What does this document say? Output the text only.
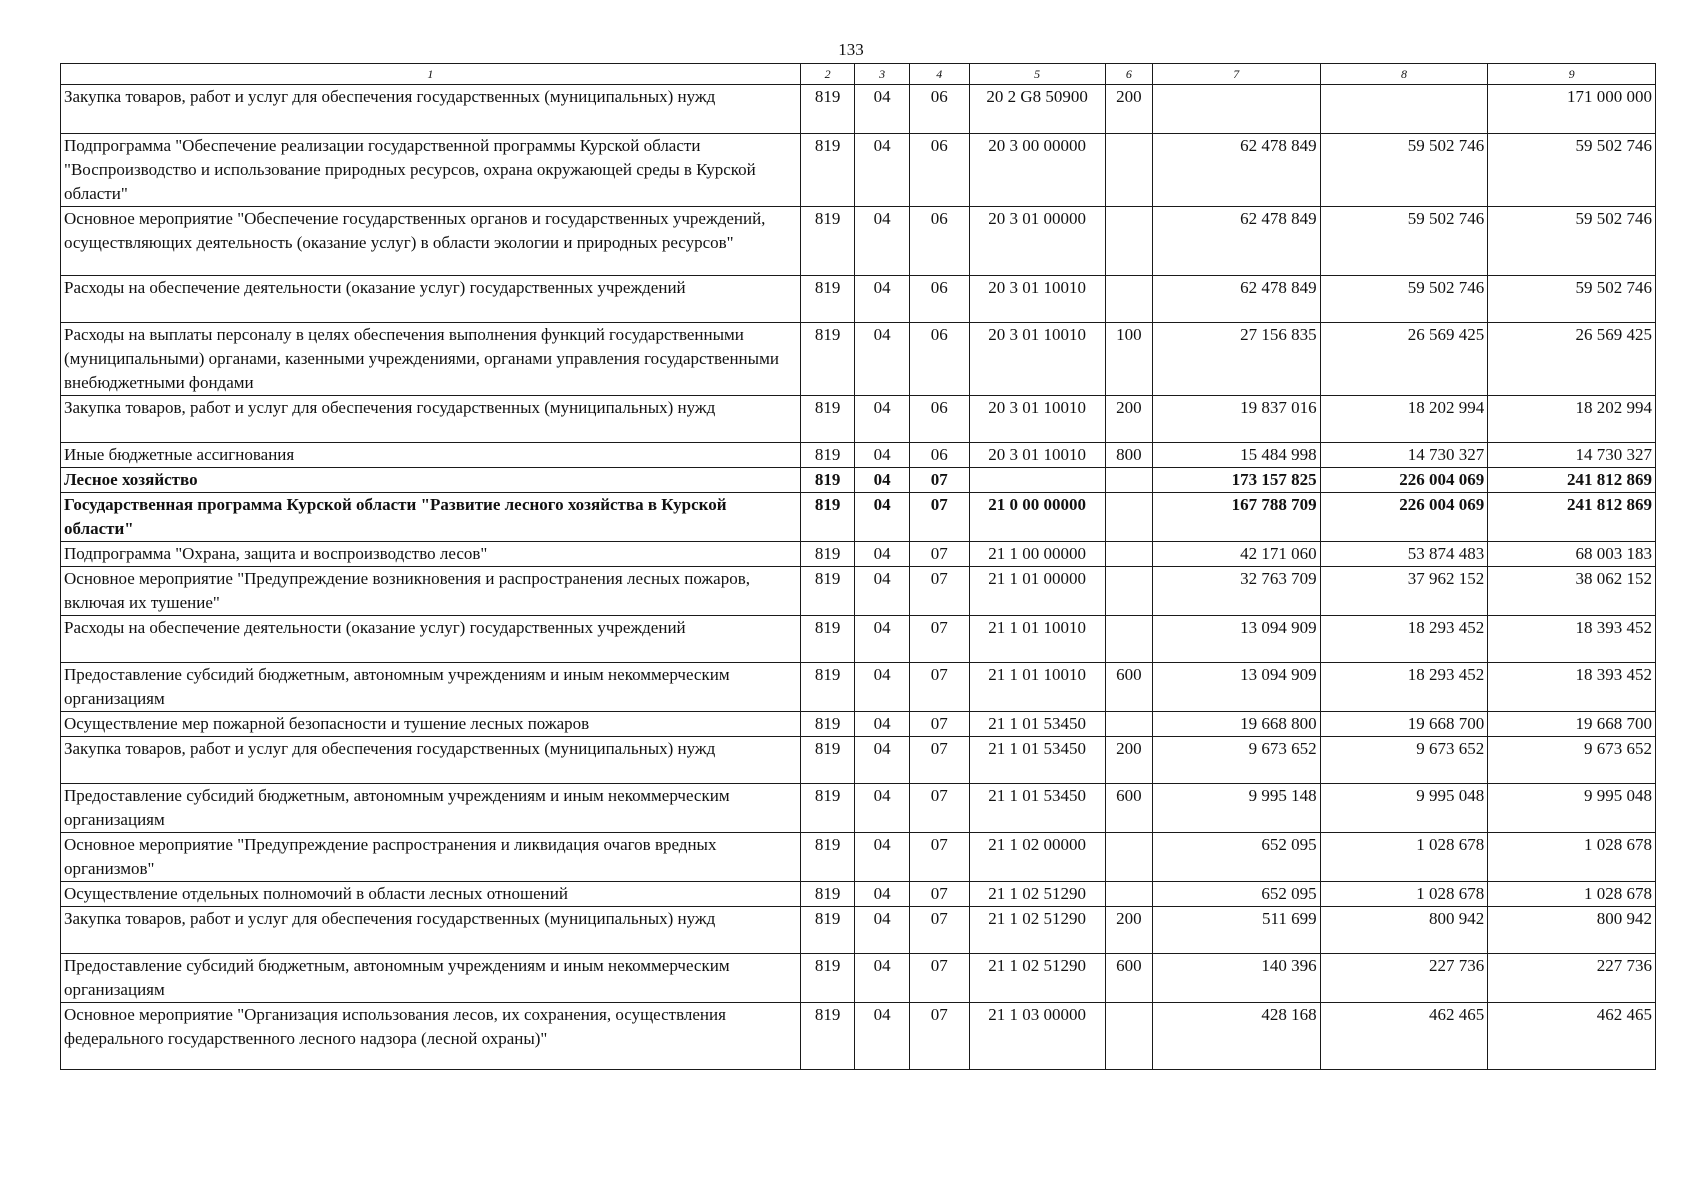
133
1	2	3	4	5	6	7	8	9
Закупка товаров, работ и услуг для обеспечения государственных (муниципальных) нужд	819	04	06	20 2 G8 50900	200			171 000 000
Подпрограмма "Обеспечение реализации государственной программы Курской области "Воспроизводство и использование природных ресурсов, охрана окружающей среды в Курской области"	819	04	06	20 3 00 00000		62 478 849	59 502 746	59 502 746
Основное мероприятие "Обеспечение государственных органов и государственных учреждений, осуществляющих деятельность (оказание услуг) в области экологии и природных ресурсов"	819	04	06	20 3 01 00000		62 478 849	59 502 746	59 502 746
Расходы на обеспечение деятельности (оказание услуг) государственных учреждений	819	04	06	20 3 01 10010		62 478 849	59 502 746	59 502 746
Расходы на выплаты персоналу в целях обеспечения выполнения функций государственными (муниципальными) органами, казенными учреждениями, органами управления государственными внебюджетными фондами	819	04	06	20 3 01 10010	100	27 156 835	26 569 425	26 569 425
Закупка товаров, работ и услуг для обеспечения государственных (муниципальных) нужд	819	04	06	20 3 01 10010	200	19 837 016	18 202 994	18 202 994
Иные бюджетные ассигнования	819	04	06	20 3 01 10010	800	15 484 998	14 730 327	14 730 327
Лесное хозяйство	819	04	07			173 157 825	226 004 069	241 812 869
Государственная программа Курской области "Развитие лесного хозяйства в Курской области"	819	04	07	21 0 00 00000		167 788 709	226 004 069	241 812 869
Подпрограмма "Охрана, защита и воспроизводство лесов"	819	04	07	21 1 00 00000		42 171 060	53 874 483	68 003 183
Основное мероприятие "Предупреждение возникновения и распространения лесных пожаров, включая их тушение"	819	04	07	21 1 01 00000		32 763 709	37 962 152	38 062 152
Расходы на обеспечение деятельности (оказание услуг) государственных учреждений	819	04	07	21 1 01 10010		13 094 909	18 293 452	18 393 452
Предоставление субсидий бюджетным, автономным учреждениям и иным некоммерческим организациям	819	04	07	21 1 01 10010	600	13 094 909	18 293 452	18 393 452
Осуществление мер пожарной безопасности и тушение лесных пожаров	819	04	07	21 1 01 53450		19 668 800	19 668 700	19 668 700
Закупка товаров, работ и услуг для обеспечения государственных (муниципальных) нужд	819	04	07	21 1 01 53450	200	9 673 652	9 673 652	9 673 652
Предоставление субсидий бюджетным, автономным учреждениям и иным некоммерческим организациям	819	04	07	21 1 01 53450	600	9 995 148	9 995 048	9 995 048
Основное мероприятие "Предупреждение распространения и ликвидация очагов вредных организмов"	819	04	07	21 1 02 00000		652 095	1 028 678	1 028 678
Осуществление отдельных полномочий в области лесных отношений	819	04	07	21 1 02 51290		652 095	1 028 678	1 028 678
Закупка товаров, работ и услуг для обеспечения государственных (муниципальных) нужд	819	04	07	21 1 02 51290	200	511 699	800 942	800 942
Предоставление субсидий бюджетным, автономным учреждениям и иным некоммерческим организациям	819	04	07	21 1 02 51290	600	140 396	227 736	227 736
Основное мероприятие "Организация использования лесов, их сохранения, осуществления федерального государственного лесного надзора (лесной охраны)"	819	04	07	21 1 03 00000		428 168	462 465	462 465
